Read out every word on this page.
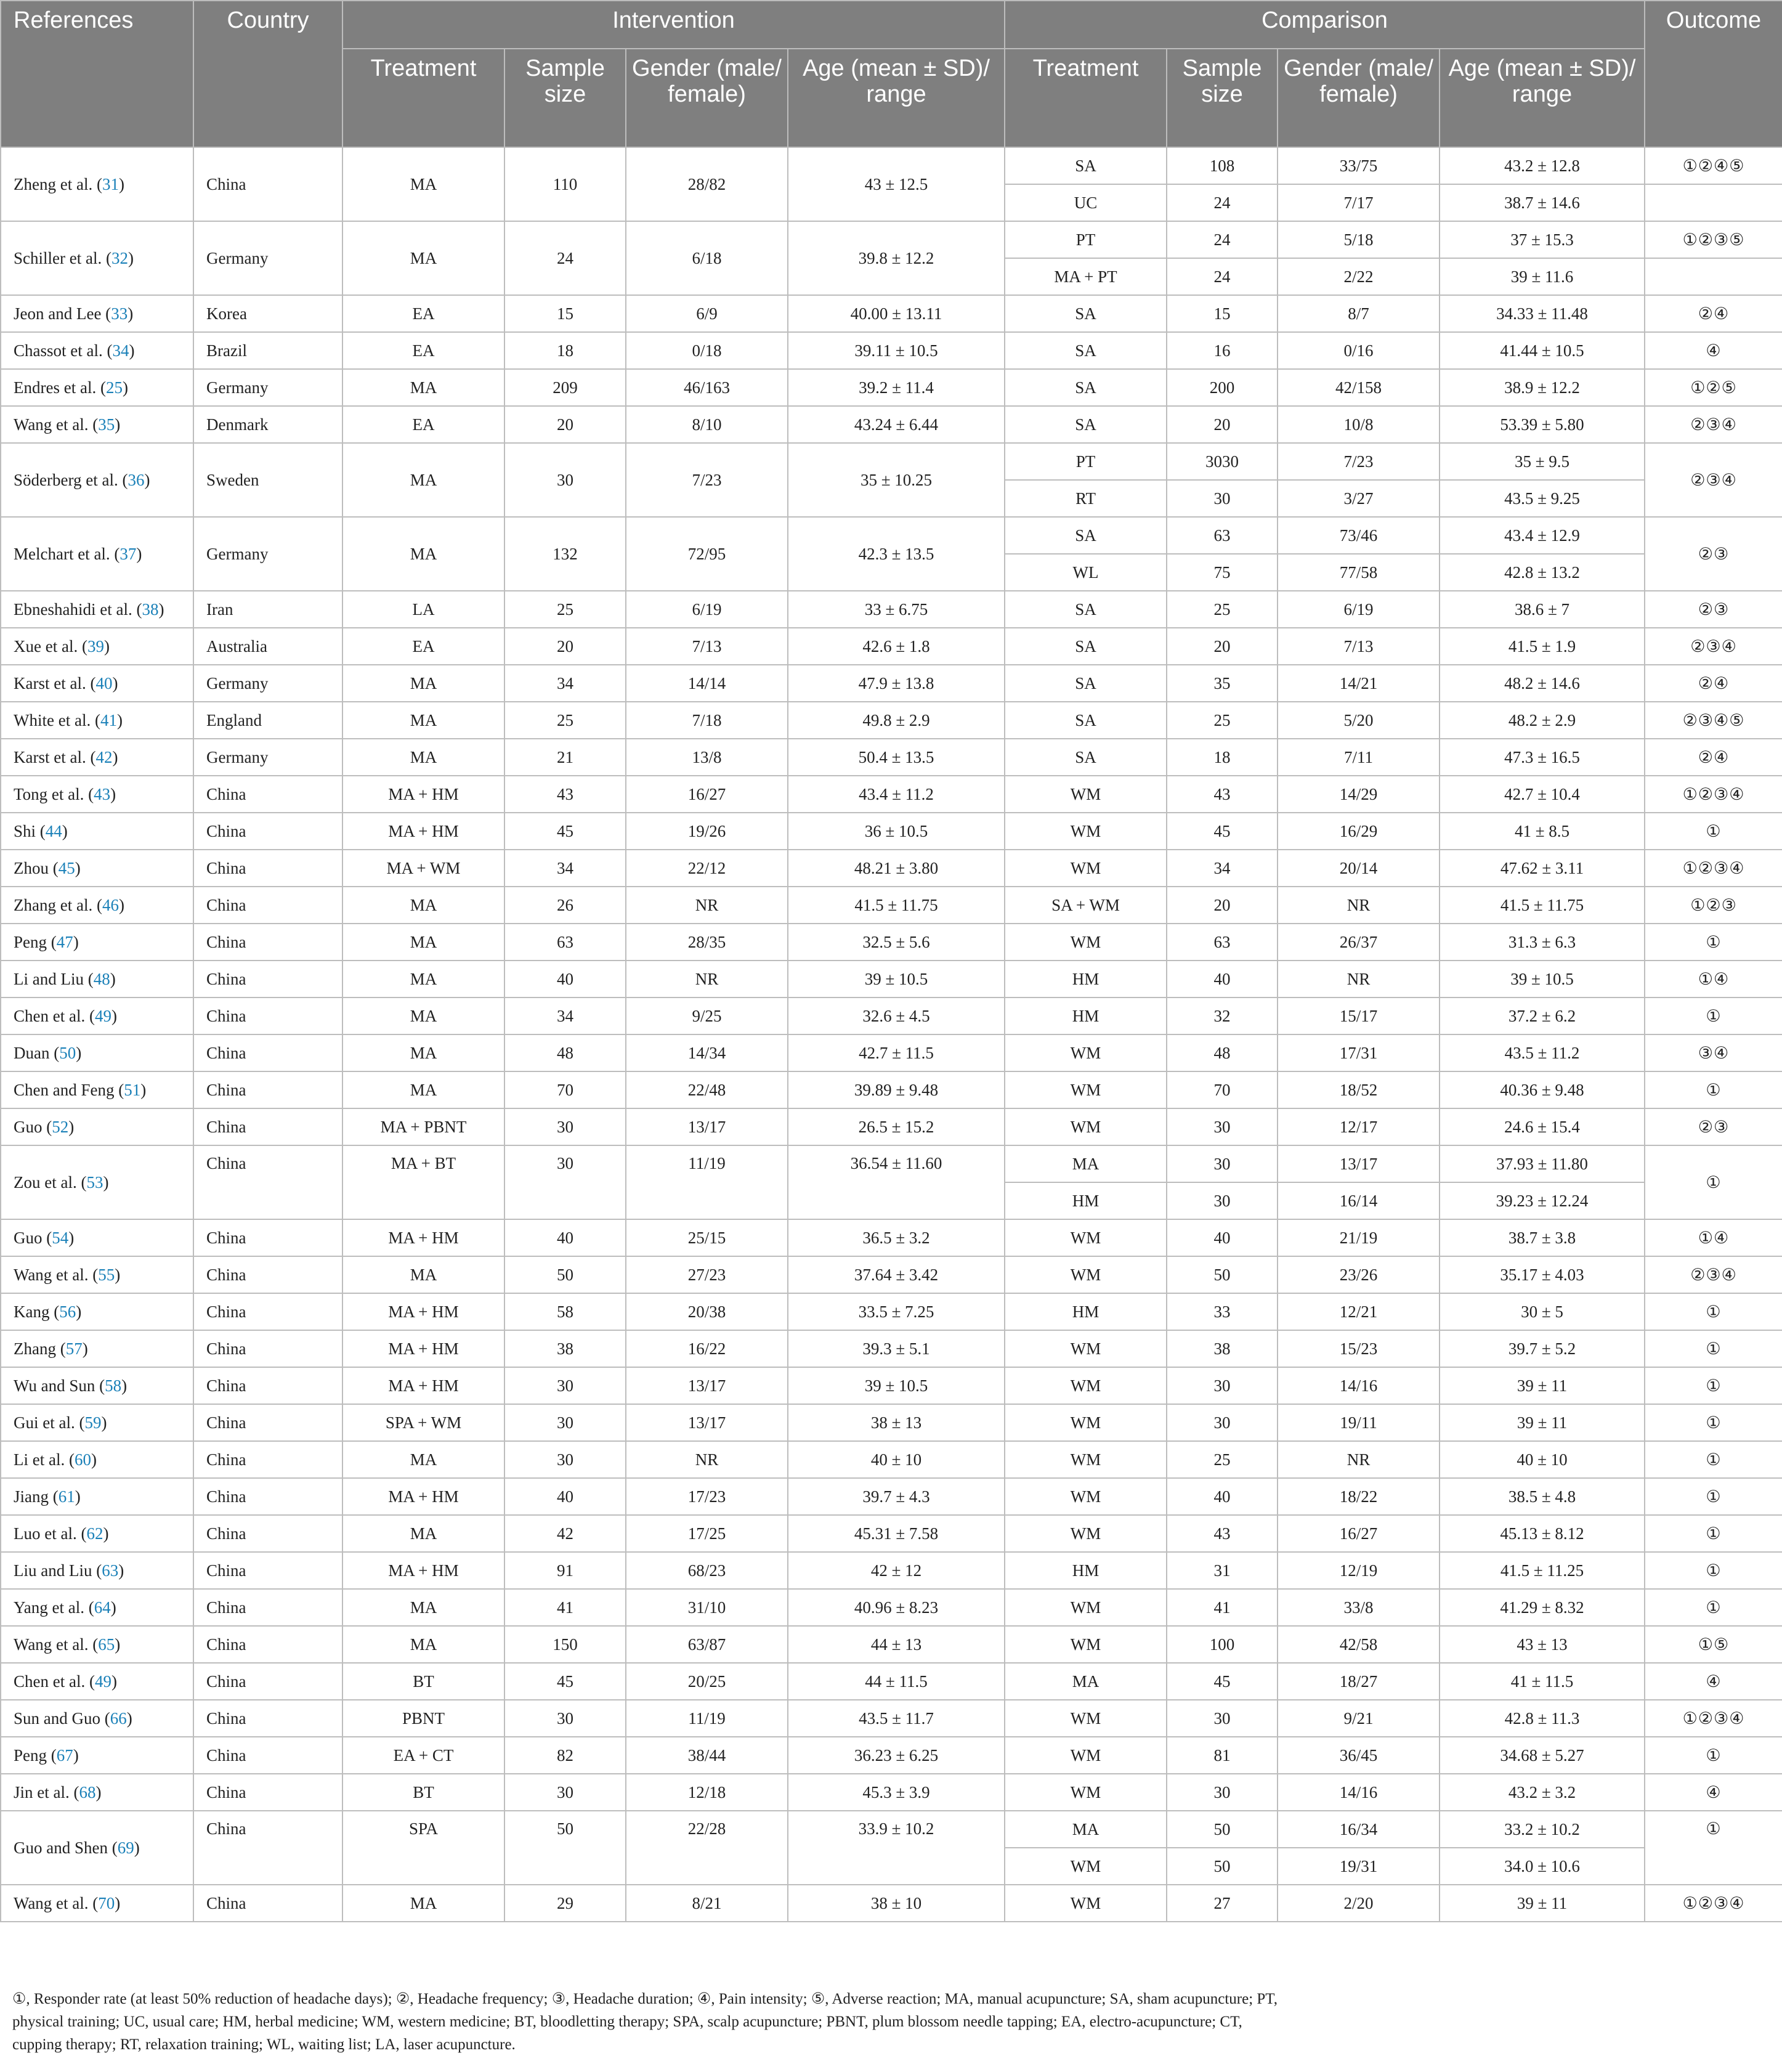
References	Country	Intervention				Comparison				Outcome
		Treatment	Sample size	Gender (male/ female)	Age (mean ± SD)/ range	Treatment	Sample size	Gender (male/ female)	Age (mean ± SD)/ range	
Zheng et al. (31)	China	MA	110	28/82	43 ± 12.5	SA	108	33/75	43.2 ± 12.8	①②④⑤
						UC	24	7/17	38.7 ± 14.6	
Schiller et al. (32)	Germany	MA	24	6/18	39.8 ± 12.2	PT	24	5/18	37 ± 15.3	①②③⑤
						MA + PT	24	2/22	39 ± 11.6	
Jeon and Lee (33)	Korea	EA	15	6/9	40.00 ± 13.11	SA	15	8/7	34.33 ± 11.48	②④
Chassot et al. (34)	Brazil	EA	18	0/18	39.11 ± 10.5	SA	16	0/16	41.44 ± 10.5	④
Endres et al. (25)	Germany	MA	209	46/163	39.2 ± 11.4	SA	200	42/158	38.9 ± 12.2	①②⑤
Wang et al. (35)	Denmark	EA	20	8/10	43.24 ± 6.44	SA	20	10/8	53.39 ± 5.80	②③④
Söderberg et al. (36)	Sweden	MA	30	7/23	35 ± 10.25	PT	3030	7/23	35 ± 9.5	②③④
						RT	30	3/27	43.5 ± 9.25	
Melchart et al. (37)	Germany	MA	132	72/95	42.3 ± 13.5	SA	63	73/46	43.4 ± 12.9	②③
						WL	75	77/58	42.8 ± 13.2	
Ebneshahidi et al. (38)	Iran	LA	25	6/19	33 ± 6.75	SA	25	6/19	38.6 ± 7	②③
Xue et al. (39)	Australia	EA	20	7/13	42.6 ± 1.8	SA	20	7/13	41.5 ± 1.9	②③④
Karst et al. (40)	Germany	MA	34	14/14	47.9 ± 13.8	SA	35	14/21	48.2 ± 14.6	②④
White et al. (41)	England	MA	25	7/18	49.8 ± 2.9	SA	25	5/20	48.2 ± 2.9	②③④⑤
Karst et al. (42)	Germany	MA	21	13/8	50.4 ± 13.5	SA	18	7/11	47.3 ± 16.5	②④
Tong et al. (43)	China	MA + HM	43	16/27	43.4 ± 11.2	WM	43	14/29	42.7 ± 10.4	①②③④
Shi (44)	China	MA + HM	45	19/26	36 ± 10.5	WM	45	16/29	41 ± 8.5	①
Zhou (45)	China	MA + WM	34	22/12	48.21 ± 3.80	WM	34	20/14	47.62 ± 3.11	①②③④
Zhang et al. (46)	China	MA	26	NR	41.5 ± 11.75	SA + WM	20	NR	41.5 ± 11.75	①②③
Peng (47)	China	MA	63	28/35	32.5 ± 5.6	WM	63	26/37	31.3 ± 6.3	①
Li and Liu (48)	China	MA	40	NR	39 ± 10.5	HM	40	NR	39 ± 10.5	①④
Chen et al. (49)	China	MA	34	9/25	32.6 ± 4.5	HM	32	15/17	37.2 ± 6.2	①
Duan (50)	China	MA	48	14/34	42.7 ± 11.5	WM	48	17/31	43.5 ± 11.2	③④
Chen and Feng (51)	China	MA	70	22/48	39.89 ± 9.48	WM	70	18/52	40.36 ± 9.48	①
Guo (52)	China	MA + PBNT	30	13/17	26.5 ± 15.2	WM	30	12/17	24.6 ± 15.4	②③
Zou et al. (53)	China	MA + BT	30	11/19	36.54 ± 11.60	MA	30	13/17	37.93 ± 11.80	①
						HM	30	16/14	39.23 ± 12.24	
Guo (54)	China	MA + HM	40	25/15	36.5 ± 3.2	WM	40	21/19	38.7 ± 3.8	①④
Wang et al. (55)	China	MA	50	27/23	37.64 ± 3.42	WM	50	23/26	35.17 ± 4.03	②③④
Kang (56)	China	MA + HM	58	20/38	33.5 ± 7.25	HM	33	12/21	30 ± 5	①
Zhang (57)	China	MA + HM	38	16/22	39.3 ± 5.1	WM	38	15/23	39.7 ± 5.2	①
Wu and Sun (58)	China	MA + HM	30	13/17	39 ± 10.5	WM	30	14/16	39 ± 11	①
Gui et al. (59)	China	SPA + WM	30	13/17	38 ± 13	WM	30	19/11	39 ± 11	①
Li et al. (60)	China	MA	30	NR	40 ± 10	WM	25	NR	40 ± 10	①
Jiang (61)	China	MA + HM	40	17/23	39.7 ± 4.3	WM	40	18/22	38.5 ± 4.8	①
Luo et al. (62)	China	MA	42	17/25	45.31 ± 7.58	WM	43	16/27	45.13 ± 8.12	①
Liu and Liu (63)	China	MA + HM	91	68/23	42 ± 12	HM	31	12/19	41.5 ± 11.25	①
Yang et al. (64)	China	MA	41	31/10	40.96 ± 8.23	WM	41	33/8	41.29 ± 8.32	①
Wang et al. (65)	China	MA	150	63/87	44 ± 13	WM	100	42/58	43 ± 13	①⑤
Chen et al. (49)	China	BT	45	20/25	44 ± 11.5	MA	45	18/27	41 ± 11.5	④
Sun and Guo (66)	China	PBNT	30	11/19	43.5 ± 11.7	WM	30	9/21	42.8 ± 11.3	①②③④
Peng (67)	China	EA + CT	82	38/44	36.23 ± 6.25	WM	81	36/45	34.68 ± 5.27	①
Jin et al. (68)	China	BT	30	12/18	45.3 ± 3.9	WM	30	14/16	43.2 ± 3.2	④
Guo and Shen (69)	China	SPA	50	22/28	33.9 ± 10.2	MA	50	16/34	33.2 ± 10.2	①
						WM	50	19/31	34.0 ± 10.6	
Wang et al. (70)	China	MA	29	8/21	38 ± 10	WM	27	2/20	39 ± 11	①②③④
①, Responder rate (at least 50% reduction of headache days); ②, Headache frequency; ③, Headache duration; ④, Pain intensity; ⑤, Adverse reaction; MA, manual acupuncture; SA, sham acupuncture; PT, physical training; UC, usual care; HM, herbal medicine; WM, western medicine; BT, bloodletting therapy; SPA, scalp acupuncture; PBNT, plum blossom needle tapping; EA, electro-acupuncture; CT, cupping therapy; RT, relaxation training; WL, waiting list; LA, laser acupuncture.
